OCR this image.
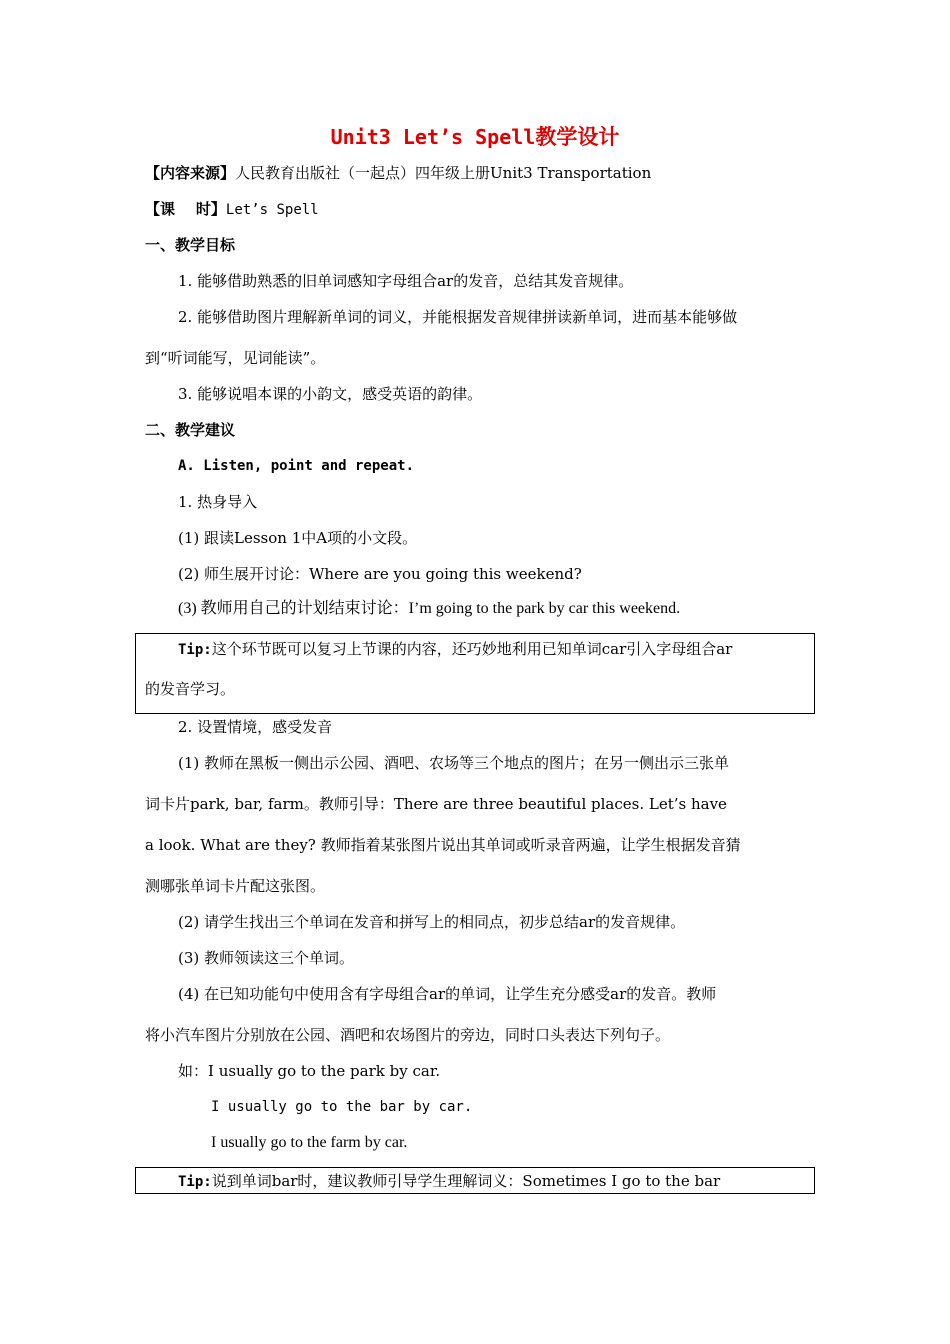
Unit3 Let’s Spell教学设计
【内容来源】人民教育出版社（一起点）四年级上册Unit3 Transportation
【课    时】Let’s Spell
一、教学目标
1. 能够借助熟悉的旧单词感知字母组合ar的发音，总结其发音规律。
2. 能够借助图片理解新单词的词义，并能根据发音规律拼读新单词，进而基本能够做
到“听词能写，见词能读”。
3. 能够说唱本课的小韵文，感受英语的韵律。
二、教学建议
A. Listen, point and repeat.
1. 热身导入
(1) 跟读Lesson 1中A项的小文段。
(2) 师生展开讨论：Where are you going this weekend?
(3) 教师用自己的计划结束讨论：I’m going to the park by car this weekend.
Tip:这个环节既可以复习上节课的内容，还巧妙地利用已知单词car引入字母组合ar
的发音学习。
2. 设置情境，感受发音
(1) 教师在黑板一侧出示公园、酒吧、农场等三个地点的图片；在另一侧出示三张单
词卡片park, bar, farm。教师引导：There are three beautiful places. Let’s have
a look. What are they? 教师指着某张图片说出其单词或听录音两遍，让学生根据发音猜
测哪张单词卡片配这张图。
(2) 请学生找出三个单词在发音和拼写上的相同点，初步总结ar的发音规律。
(3) 教师领读这三个单词。
(4) 在已知功能句中使用含有字母组合ar的单词，让学生充分感受ar的发音。教师
将小汽车图片分别放在公园、酒吧和农场图片的旁边，同时口头表达下列句子。
如：I usually go to the park by car.
I usually go to the bar by car.
I usually go to the farm by car.
Tip:说到单词bar时，建议教师引导学生理解词义：Sometimes I go to the bar
